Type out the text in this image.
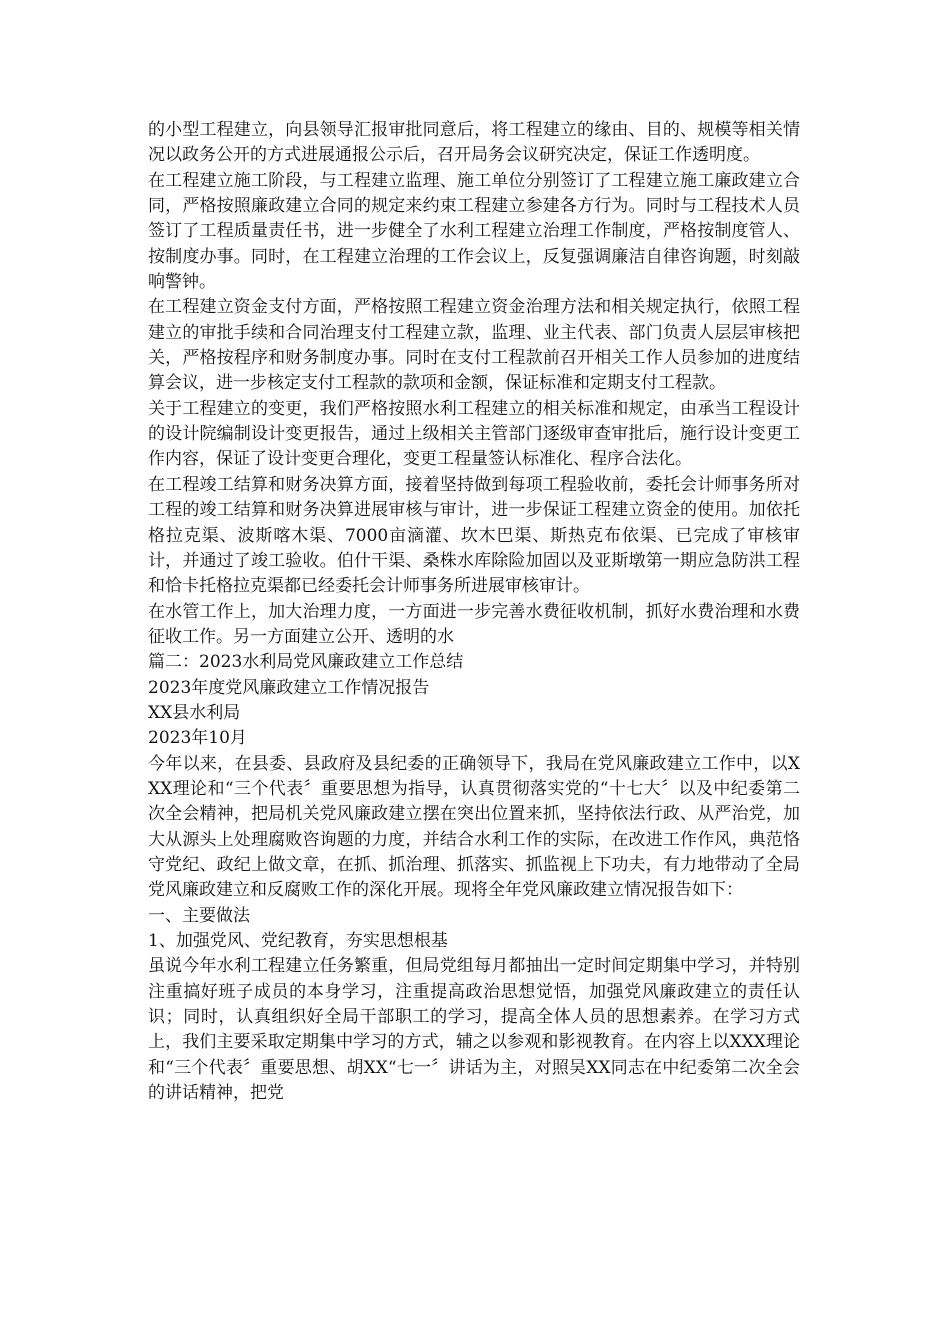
的小型工程建立，向县领导汇报审批同意后，将工程建立的缘由、目的、规模等相关情况以政务公开的方式进展通报公示后，召开局务会议研究决定，保证工作透明度。

在工程建立施工阶段，与工程建立监理、施工单位分别签订了工程建立施工廉政建立合同，严格按照廉政建立合同的规定来约束工程建立参建各方行为。同时与工程技术人员签订了工程质量责任书，进一步健全了水利工程建立治理工作制度，严格按制度管人、按制度办事。同时，在工程建立治理的工作会议上，反复强调廉洁自律咨询题，时刻敲响警钟。

在工程建立资金支付方面，严格按照工程建立资金治理方法和相关规定执行，依照工程建立的审批手续和合同治理支付工程建立款，监理、业主代表、部门负责人层层审核把关，严格按程序和财务制度办事。同时在支付工程款前召开相关工作人员参加的进度结算会议，进一步核定支付工程款的款项和金额，保证标准和定期支付工程款。

关于工程建立的变更，我们严格按照水利工程建立的相关标准和规定，由承当工程设计的设计院编制设计变更报告，通过上级相关主管部门逐级审查审批后，施行设计变更工作内容，保证了设计变更合理化，变更工程量签认标准化、程序合法化。

在工程竣工结算和财务决算方面，接着坚持做到每项工程验收前，委托会计师事务所对工程的竣工结算和财务决算进展审核与审计，进一步保证工程建立资金的使用。加依托格拉克渠、波斯喀木渠、7000亩滴灌、坎木巴渠、斯热克布依渠、已完成了审核审计，并通过了竣工验收。伯什干渠、桑株水库除险加固以及亚斯墩第一期应急防洪工程和恰卡托格拉克渠都已经委托会计师事务所进展审核审计。

在水管工作上，加大治理力度，一方面进一步完善水费征收机制，抓好水费治理和水费征收工作。另一方面建立公开、透明的水

篇二：2023水利局党风廉政建立工作总结

2023年度党风廉政建立工作情况报告

XX县水利局

2023年10月

今年以来，在县委、县政府及县纪委的正确领导下，我局在党风廉政建立工作中，以XXX理论和“三个代表〞重要思想为指导，认真贯彻落实党的“十七大〞以及中纪委第二次全会精神，把局机关党风廉政建立摆在突出位置来抓，坚持依法行政、从严治党，加大从源头上处理腐败咨询题的力度，并结合水利工作的实际，在改进工作作风，典范恪守党纪、政纪上做文章，在抓、抓治理、抓落实、抓监视上下功夫，有力地带动了全局党风廉政建立和反腐败工作的深化开展。现将全年党风廉政建立情况报告如下：

一、主要做法

1、加强党风、党纪教育，夯实思想根基

虽说今年水利工程建立任务繁重，但局党组每月都抽出一定时间定期集中学习，并特别注重搞好班子成员的本身学习，注重提高政治思想觉悟，加强党风廉政建立的责任认识；同时，认真组织好全局干部职工的学习，提高全体人员的思想素养。在学习方式上，我们主要采取定期集中学习的方式，辅之以参观和影视教育。在内容上以XXX理论和“三个代表〞重要思想、胡XX“七一〞讲话为主，对照吴XX同志在中纪委第二次全会的讲话精神，把党
